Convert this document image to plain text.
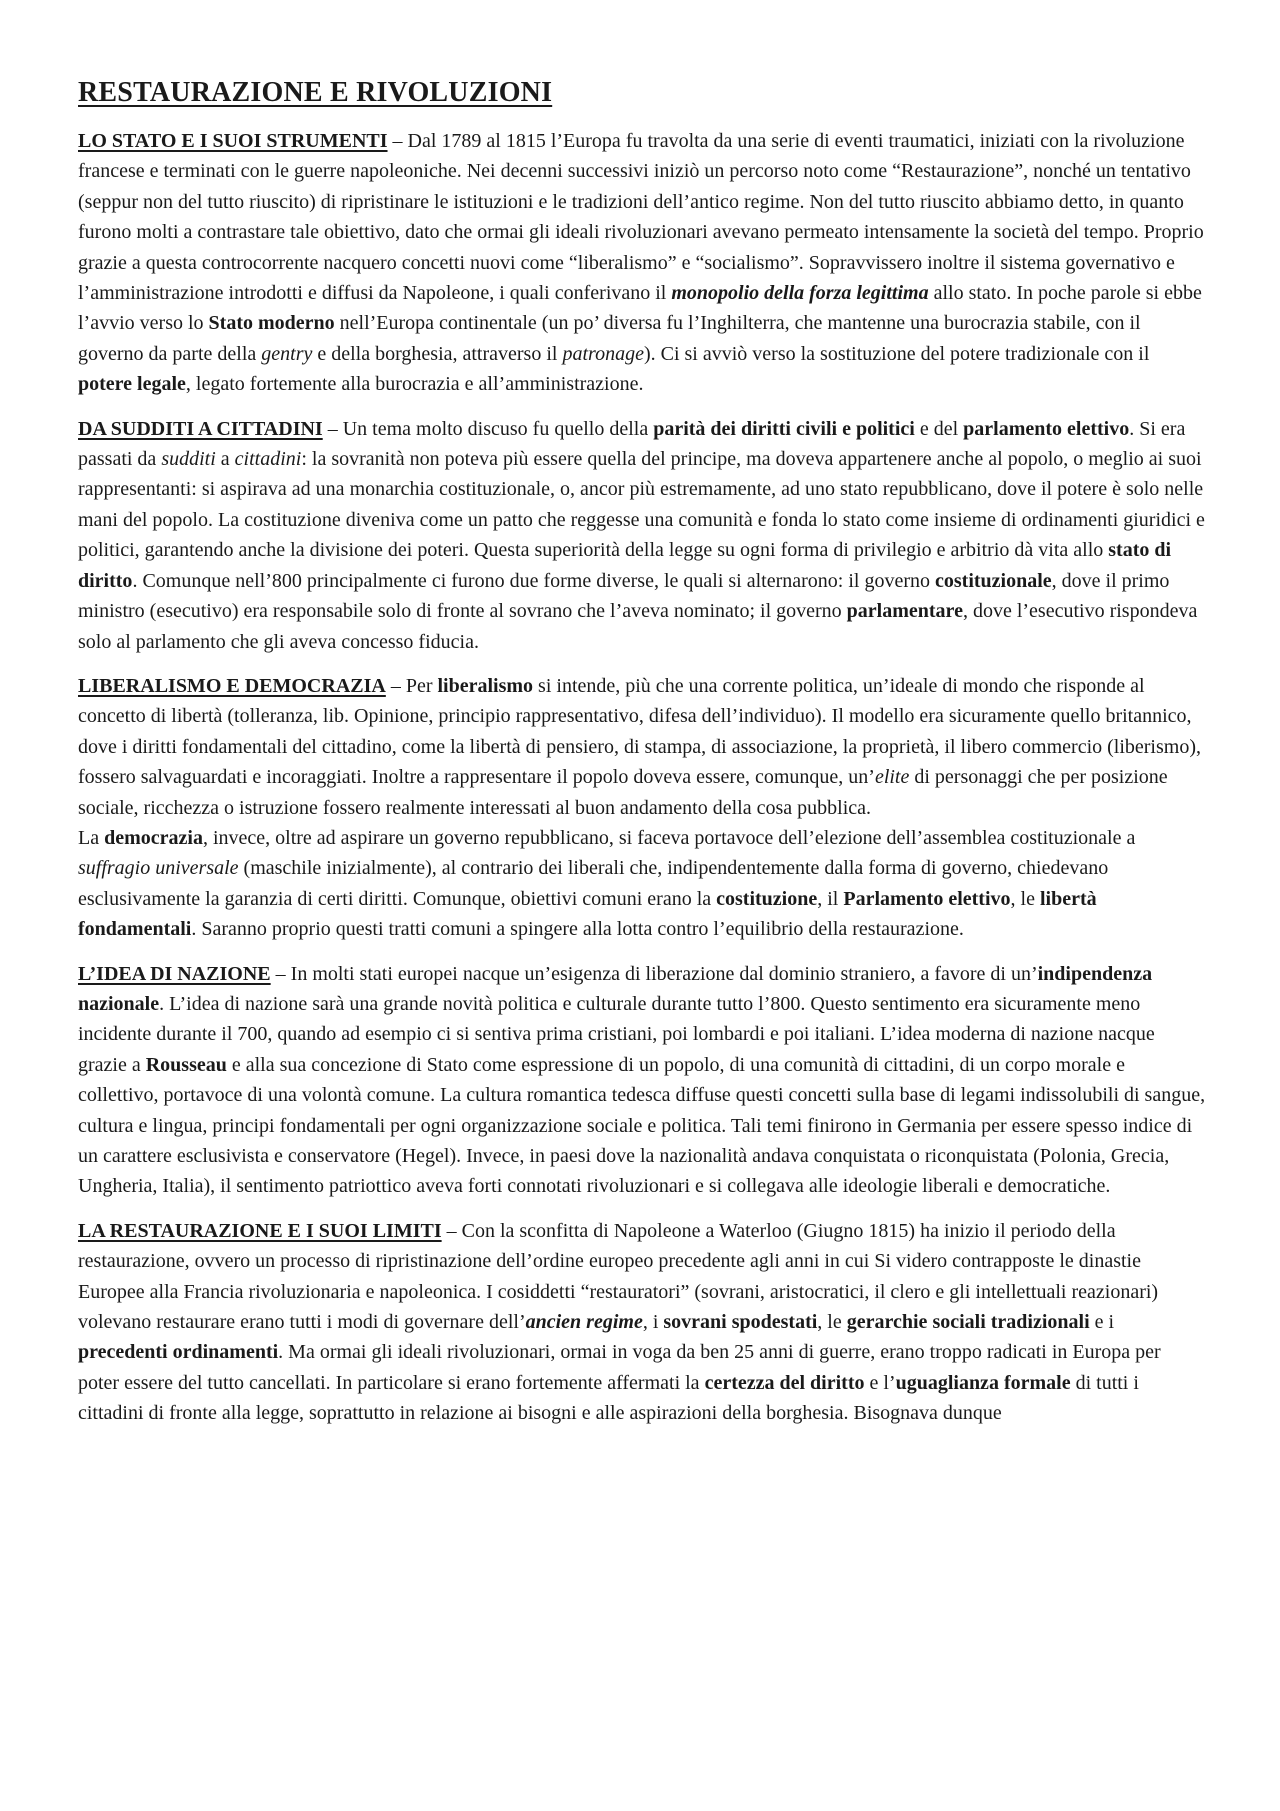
RESTAURAZIONE E RIVOLUZIONI

LO STATO E I SUOI STRUMENTI – Dal 1789 al 1815 l’Europa fu travolta da una serie di eventi traumatici, iniziati con la rivoluzione francese e terminati con le guerre napoleoniche. Nei decenni successivi iniziò un percorso noto come “Restaurazione”, nonché un tentativo (seppur non del tutto riuscito) di ripristinare le istituzioni e le tradizioni dell’antico regime. Non del tutto riuscito abbiamo detto, in quanto furono molti a contrastare tale obiettivo, dato che ormai gli ideali rivoluzionari avevano permeato intensamente la società del tempo. Proprio grazie a questa controcorrente nacquero concetti nuovi come “liberalismo” e “socialismo”. Sopravvissero inoltre il sistema governativo e l’amministrazione introdotti e diffusi da Napoleone, i quali conferivano il monopolio della forza legittima allo stato. In poche parole si ebbe l’avvio verso lo Stato moderno nell’Europa continentale (un po’ diversa fu l’Inghilterra, che mantenne una burocrazia stabile, con il governo da parte della gentry e della borghesia, attraverso il patronage). Ci si avviò verso la sostituzione del potere tradizionale con il potere legale, legato fortemente alla burocrazia e all’amministrazione.

DA SUDDITI A CITTADINI – Un tema molto discuso fu quello della parità dei diritti civili e politici e del parlamento elettivo. Si era passati da sudditi a cittadini: la sovranità non poteva più essere quella del principe, ma doveva appartenere anche al popolo, o meglio ai suoi rappresentanti: si aspirava ad una monarchia costituzionale, o, ancor più estremamente, ad uno stato repubblicano, dove il potere è solo nelle mani del popolo. La costituzione diveniva come un patto che reggesse una comunità e fonda lo stato come insieme di ordinamenti giuridici e politici, garantendo anche la divisione dei poteri. Questa superiorità della legge su ogni forma di privilegio e arbitrio dà vita allo stato di diritto. Comunque nell’800 principalmente ci furono due forme diverse, le quali si alternarono: il governo costituzionale, dove il primo ministro (esecutivo) era responsabile solo di fronte al sovrano che l’aveva nominato; il governo parlamentare, dove l’esecutivo rispondeva solo al parlamento che gli aveva concesso fiducia.

LIBERALISMO E DEMOCRAZIA – Per liberalismo si intende, più che una corrente politica, un’ideale di mondo che risponde al concetto di libertà (tolleranza, lib. Opinione, principio rappresentativo, difesa dell’individuo). Il modello era sicuramente quello britannico, dove i diritti fondamentali del cittadino, come la libertà di pensiero, di stampa, di associazione, la proprietà, il libero commercio (liberismo), fossero salvaguardati e incoraggiati. Inoltre a rappresentare il popolo doveva essere, comunque, un’elite di personaggi che per posizione sociale, ricchezza o istruzione fossero realmente interessati al buon andamento della cosa pubblica.

La democrazia, invece, oltre ad aspirare un governo repubblicano, si faceva portavoce dell’elezione dell’assemblea costituzionale a suffragio universale (maschile inizialmente), al contrario dei liberali che, indipendentemente dalla forma di governo, chiedevano esclusivamente la garanzia di certi diritti. Comunque, obiettivi comuni erano la costituzione, il Parlamento elettivo, le libertà fondamentali. Saranno proprio questi tratti comuni a spingere alla lotta contro l’equilibrio della restaurazione.

L’IDEA DI NAZIONE – In molti stati europei nacque un’esigenza di liberazione dal dominio straniero, a favore di un’indipendenza nazionale. L’idea di nazione sarà una grande novità politica e culturale durante tutto l’800. Questo sentimento era sicuramente meno incidente durante il 700, quando ad esempio ci si sentiva prima cristiani, poi lombardi e poi italiani. L’idea moderna di nazione nacque grazie a Rousseau e alla sua concezione di Stato come espressione di un popolo, di una comunità di cittadini, di un corpo morale e collettivo, portavoce di una volontà comune. La cultura romantica tedesca diffuse questi concetti sulla base di legami indissolubili di sangue, cultura e lingua, principi fondamentali per ogni organizzazione sociale e politica. Tali temi finirono in Germania per essere spesso indice di un carattere esclusivista e conservatore (Hegel). Invece, in paesi dove la nazionalità andava conquistata o riconquistata (Polonia, Grecia, Ungheria, Italia), il sentimento patriottico aveva forti connotati rivoluzionari e si collegava alle ideologie liberali e democratiche.

LA RESTAURAZIONE E I SUOI LIMITI – Con la sconfitta di Napoleone a Waterloo (Giugno 1815) ha inizio il periodo della restaurazione, ovvero un processo di ripristinazione dell’ordine europeo precedente agli anni in cui Si videro contrapposte le dinastie Europee alla Francia rivoluzionaria e napoleonica. I cosiddetti “restauratori” (sovrani, aristocratici, il clero e gli intellettuali reazionari) volevano restaurare erano tutti i modi di governare dell’ancien regime, i sovrani spodestati, le gerarchie sociali tradizionali e i precedenti ordinamenti. Ma ormai gli ideali rivoluzionari, ormai in voga da ben 25 anni di guerre, erano troppo radicati in Europa per poter essere del tutto cancellati. In particolare si erano fortemente affermati la certezza del diritto e l’uguaglianza formale di tutti i cittadini di fronte alla legge, soprattutto in relazione ai bisogni e alle aspirazioni della borghesia. Bisognava dunque
